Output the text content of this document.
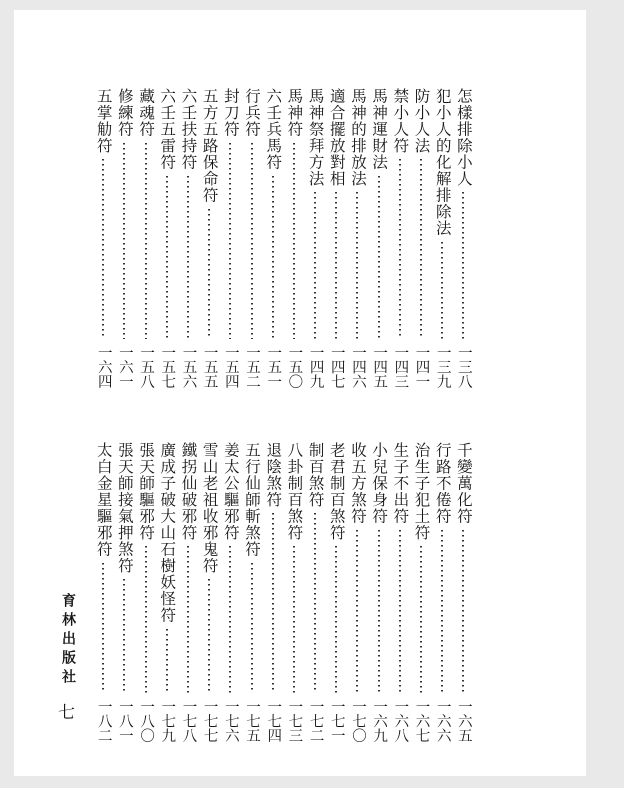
怎樣排除小人
一三八
犯小人的化解排除法
一三九
防小人法
一四一
禁小人符
一四三
馬神運財法
一四五
馬神的排放法
一四六
適合擺放對相
一四七
馬神祭拜方法
一四九
馬神符
一五〇
六壬兵馬符
一五一
行兵符
一五二
封刀符
一五四
五方五路保命符
一五五
六壬扶持符
一五六
六壬五雷符
一五七
藏魂符
一五八
修練符
一六一
五掌觔符
一六四
千變萬化符
一六五
行路不倦符
一六六
治生子犯土符
一六七
生子不出符
一六八
小兒保身符
一六九
收五方煞符
一七〇
老君制百煞符
一七一
制百煞符
一七二
八卦制百煞符
一七三
退陰煞符
一七四
五行仙師斬煞符
一七五
姜太公驅邪符
一七六
雪山老祖收邪鬼符
一七七
鐵拐仙破邪符
一七八
廣成子破大山石樹妖怪符
一七九
張天師驅邪符
一八〇
張天師接氣押煞符
一八一
太白金星驅邪符
一八二
育林出版社
七
